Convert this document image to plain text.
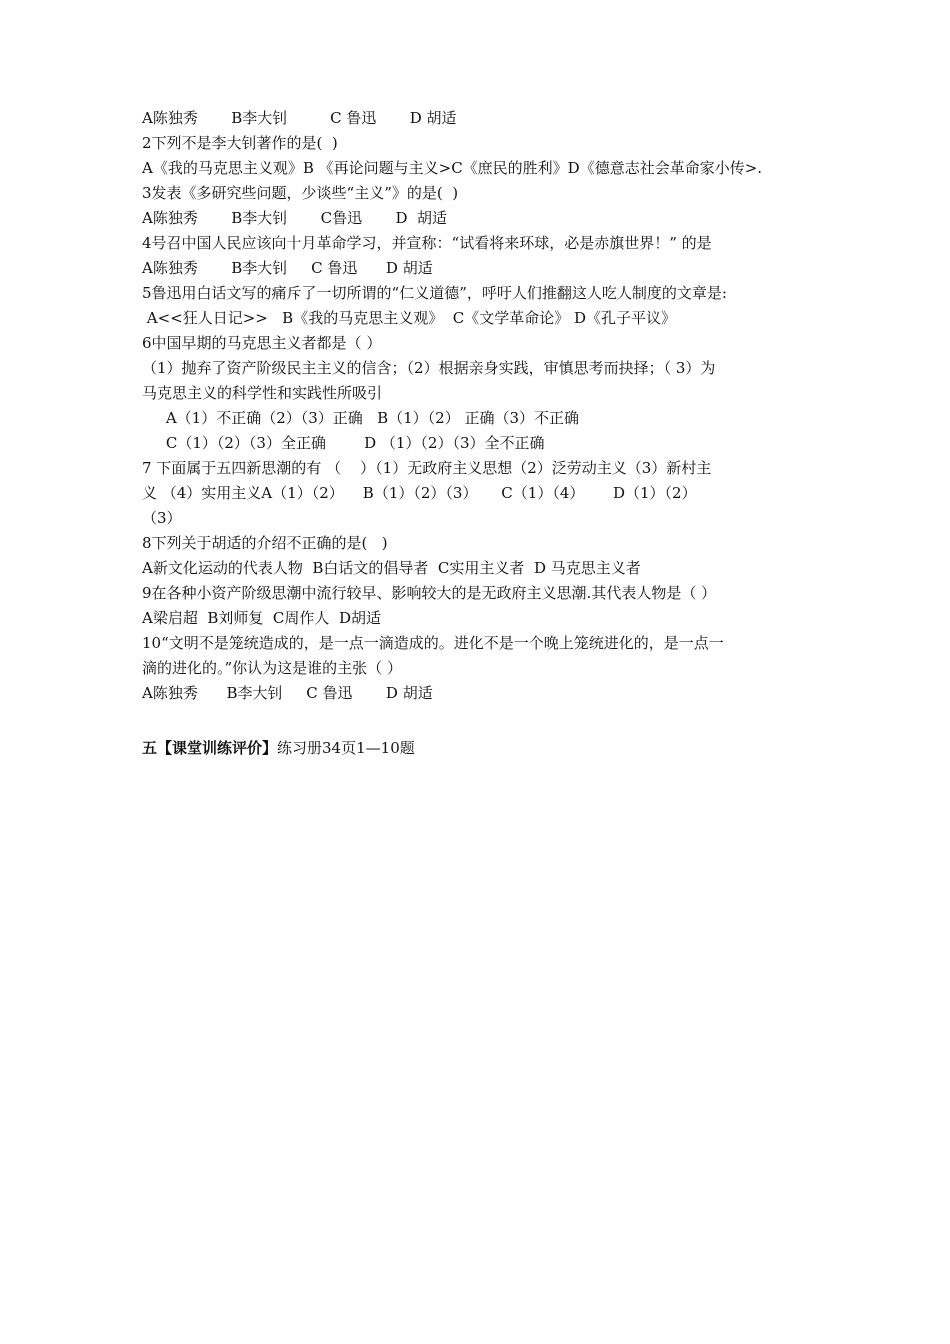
A陈独秀       B李大钊         C 鲁迅       D 胡适
2下列不是李大钊著作的是(  )
A《我的马克思主义观》B 《再论问题与主义>C《庶民的胜利》D《德意志社会革命家小传>.
3发表《多研究些问题，少谈些“主义”》的是(  )
A陈独秀       B李大钊       C鲁迅       D  胡适
4号召中国人民应该向十月革命学习，并宣称：“试看将来环球，必是赤旗世界！” 的是
A陈独秀       B李大钊     C 鲁迅      D 胡适
5鲁迅用白话文写的痛斥了一切所谓的“仁义道德”，呼吁人们推翻这人吃人制度的文章是:
A<<狂人日记>>   B《我的马克思主义观》  C《文学革命论》 D《孔子平议》
6中国早期的马克思主义者都是（ ）
（1）抛弃了资产阶级民主主义的信含；（2）根据亲身实践，审慎思考而抉择；（ 3）为
马克思主义的科学性和实践性所吸引
A（1）不正确（2）（3）正确   B（1）（2） 正确（3）不正确
C（1）（2）（3）全正确        D （1）（2）（3）全不正确
7 下面属于五四新思潮的有 （    ）（1）无政府主义思想（2）泛劳动主义（3）新村主
义 （4）实用主义A（1）（2）    B（1）（2）（3）     C（1）（4）      D（1）（2）
（3）
8下列关于胡适的介绍不正确的是(   )
A新文化运动的代表人物  B白话文的倡导者  C实用主义者  D 马克思主义者
9在各种小资产阶级思潮中流行较早、影响较大的是无政府主义思潮.其代表人物是（ ）
A梁启超  B刘师复  C周作人  D胡适
10“文明不是笼统造成的，是一点一滴造成的。进化不是一个晚上笼统进化的，是一点一
滴的进化的。”你认为这是谁的主张（ ）
A陈独秀      B李大钊     C 鲁迅       D 胡适
五【课堂训练评价】练习册34页1—10题
